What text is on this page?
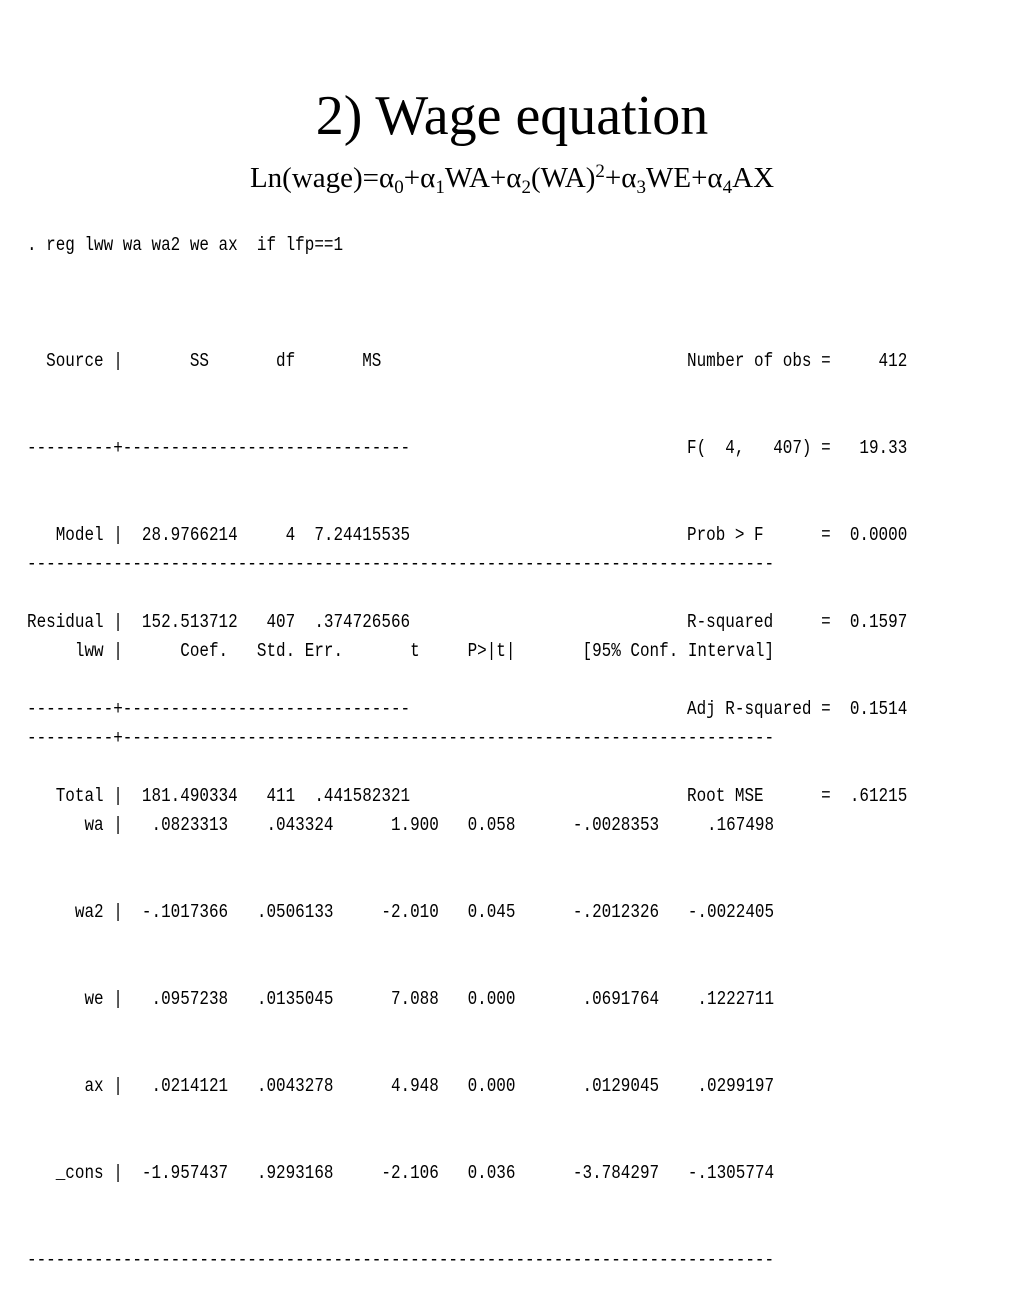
2) Wage equation
$Ln(wage)=\alpha_0+\alpha_1WA+\alpha_2(WA)^2+\alpha_3WE+\alpha_4AX$
. reg lww wa wa2 we ax  if lfp==1

Source |       SS       df       MS

---------+------------------------------

Model |  28.9766214     4  7.24415535

Residual |  152.513712   407  .374726566

---------+------------------------------

Total |  181.490334   411  .441582321

Number of obs =     412

F(  4,   407) =   19.33

Prob > F      =  0.0000

R-squared     =  0.1597

Adj R-squared =  0.1514

Root MSE      =  .61215

------------------------------------------------------------------------------

lww |      Coef.   Std. Err.       t     P>|t|       [95% Conf. Interval]

---------+--------------------------------------------------------------------

wa |   .0823313    .043324      1.900   0.058      -.0028353     .167498

wa2 |  -.1017366   .0506133     -2.010   0.045      -.2012326   -.0022405

we |   .0957238   .0135045      7.088   0.000       .0691764    .1222711

ax |   .0214121   .0043278      4.948   0.000       .0129045    .0299197

_cons |  -1.957437   .9293168     -2.106   0.036      -3.784297   -.1305774

------------------------------------------------------------------------------
